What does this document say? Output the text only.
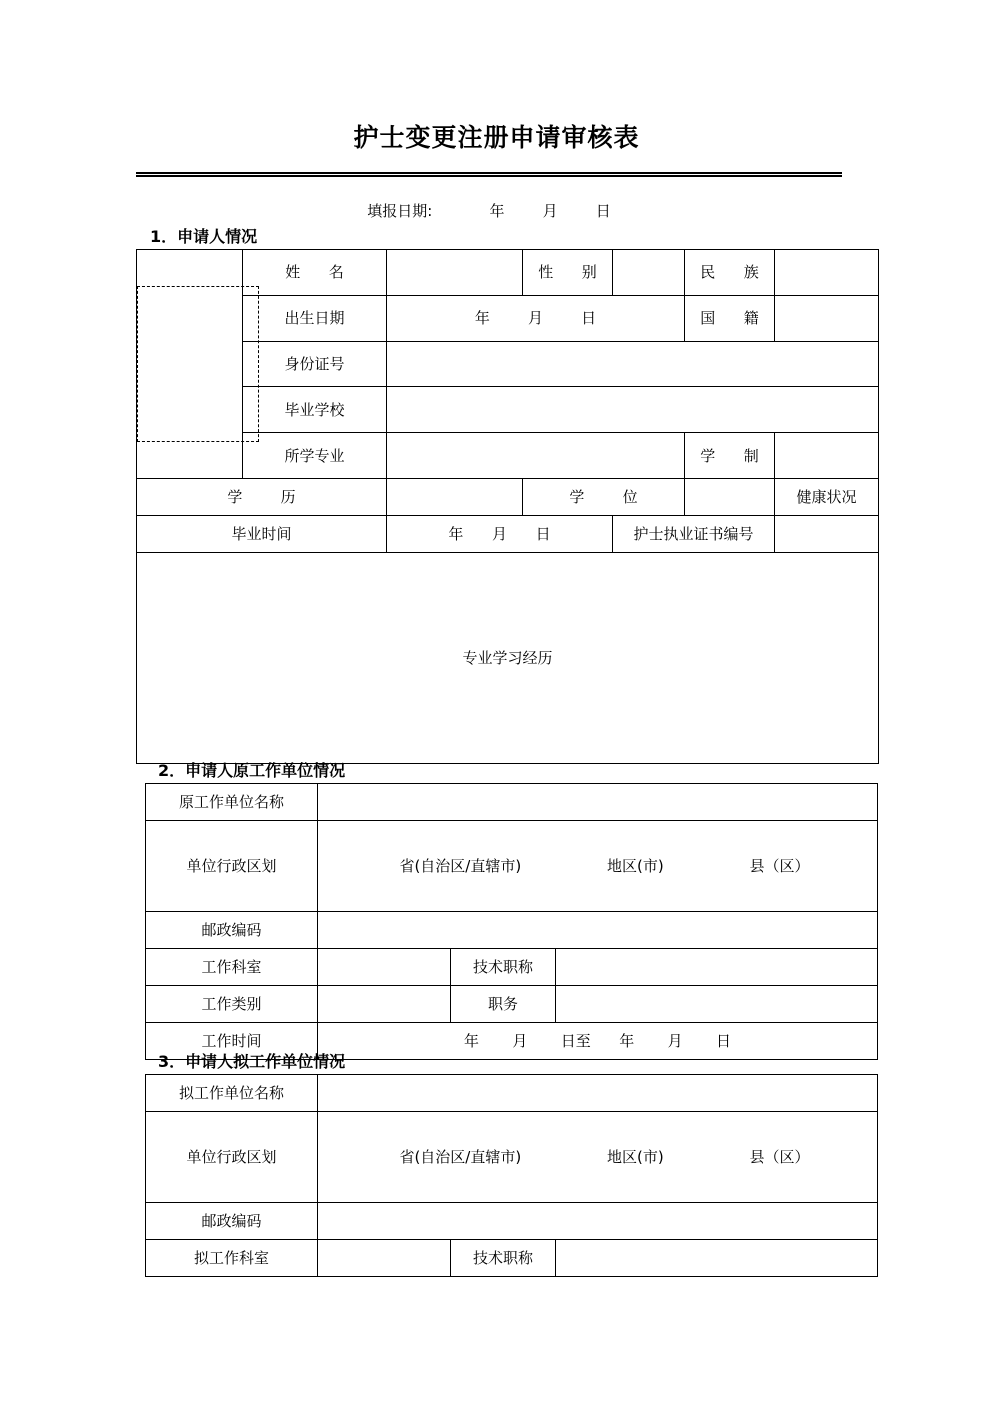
护士变更注册申请审核表
填报日期:            年        月        日
1．申请人情况

	姓      名		性      别		民      族		
	出生日期	年        月        日			国      籍		
	身份证号						
	毕业学校						
	所学专业				学      制		
学        历			学        位			健康状况	
毕业时间		年      月      日		护士执业证书编号			
专业学习经历							
2．申请人原工作单位情况
原工作单位名称			
单位行政区划	省(自治区/直辖市)                  地区(市)                  县（区）		

邮政编码			
工作科室		技术职称	
工作类别		职务	
工作时间	年       月       日至      年       月       日		
3．申请人拟工作单位情况
拟工作单位名称			
单位行政区划	省(自治区/直辖市)                  地区(市)                  县（区）		

邮政编码			
拟工作科室		技术职称	
